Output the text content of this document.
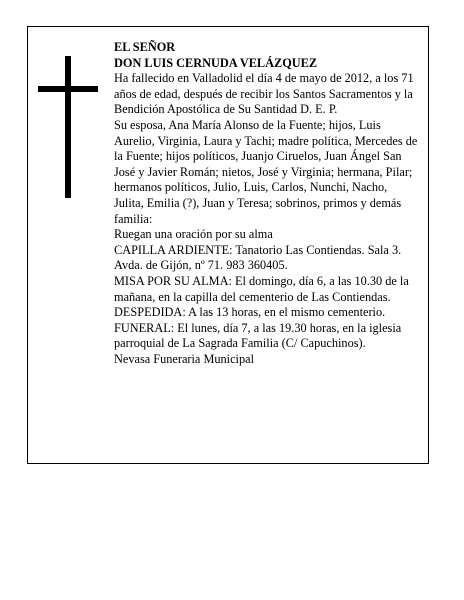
EL SEÑOR

DON LUIS CERNUDA VELÁZQUEZ

Ha fallecido en Valladolid el día 4 de mayo de 2012, a los 71 años de edad, después de recibir los Santos Sacramentos y la Bendición Apostólica de Su Santidad D. E. P.

Su esposa, Ana María Alonso de la Fuente; hijos, Luis Aurelio, Virginia, Laura y Tachi; madre política, Mercedes de la Fuente; hijos políticos, Juanjo Ciruelos, Juan Ángel San José y Javier Román; nietos, José y Virginia; hermana, Pilar; hermanos políticos, Julio, Luis, Carlos, Nunchi, Nacho, Julita, Emilia (?), Juan y Teresa; sobrinos, primos y demás familia:

Ruegan una oración por su alma

CAPILLA ARDIENTE: Tanatorio Las Contiendas. Sala 3. Avda. de Gijón, nº 71. 983 360405.

MISA POR SU ALMA: El domingo, día 6, a las 10.30 de la mañana, en la capilla del cementerio de Las Contiendas.

DESPEDIDA: A las 13 horas, en el mismo cementerio.

FUNERAL: El lunes, día 7, a las 19.30 horas, en la iglesia parroquial de La Sagrada Familia (C/ Capuchinos).

Nevasa Funeraria Municipal
